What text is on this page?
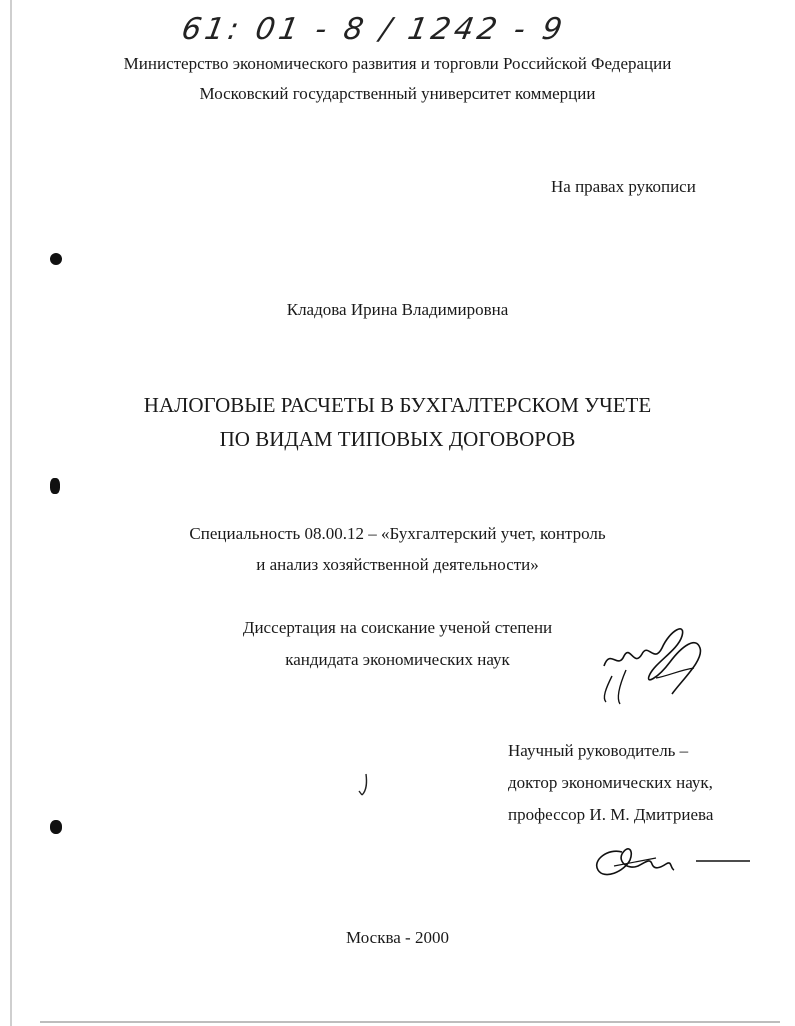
61: 01 - 8 / 1242 - 9
Министерство экономического развития и торговли Российской Федерации
Московский государственный университет коммерции
На правах рукописи
Кладова Ирина Владимировна
НАЛОГОВЫЕ РАСЧЕТЫ В БУХГАЛТЕРСКОМ УЧЕТЕ
ПО ВИДАМ ТИПОВЫХ ДОГОВОРОВ
Специальность 08.00.12 – «Бухгалтерский учет, контроль
и анализ хозяйственной деятельности»
Диссертация на соискание ученой степени
кандидата экономических наук
Научный руководитель –
доктор экономических наук,
профессор И. М. Дмитриева
Москва - 2000
